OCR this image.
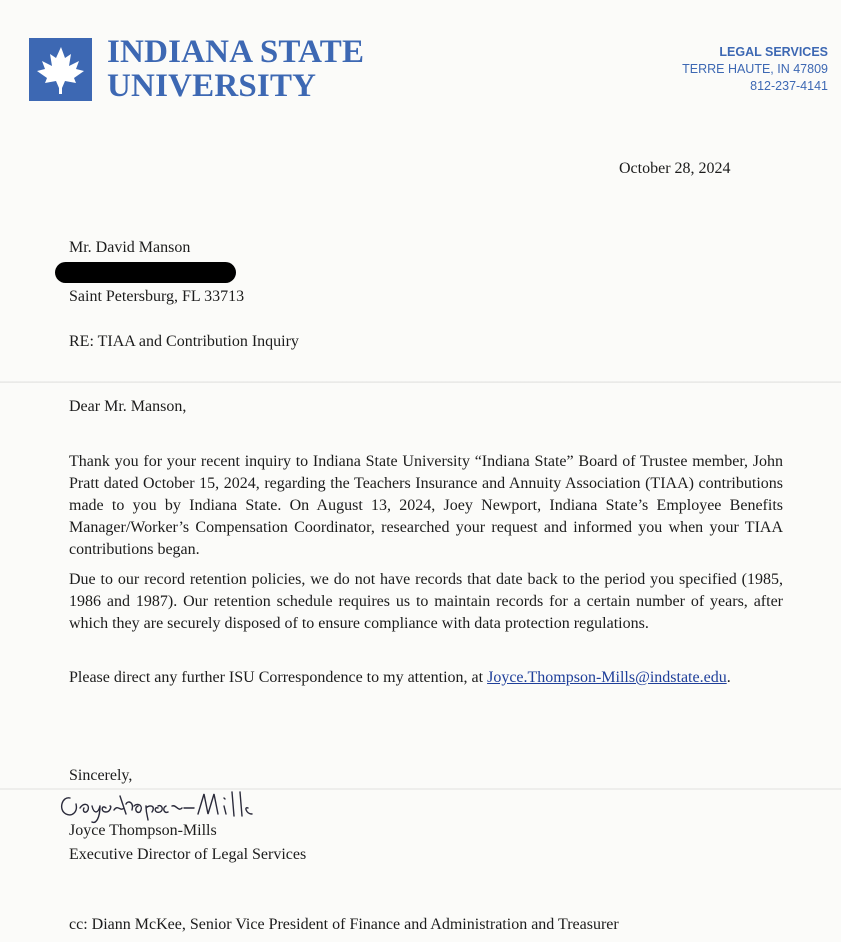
INDIANA STATE
UNIVERSITY
LEGAL SERVICES
TERRE HAUTE, IN 47809
812-237-4141
October 28, 2024
Mr. David Manson
Saint Petersburg, FL 33713
RE: TIAA and Contribution Inquiry
Dear Mr. Manson,
Thank you for your recent inquiry to Indiana State University “Indiana State” Board of Trustee member, John Pratt dated October 15, 2024, regarding the Teachers Insurance and Annuity Association (TIAA) contributions made to you by Indiana State. On August 13, 2024, Joey Newport, Indiana State’s Employee Benefits Manager/Worker’s Compensation Coordinator, researched your request and informed you when your TIAA contributions began.
Due to our record retention policies, we do not have records that date back to the period you specified (1985, 1986 and 1987). Our retention schedule requires us to maintain records for a certain number of years, after which they are securely disposed of to ensure compliance with data protection regulations.
Please direct any further ISU Correspondence to my attention, at Joyce.Thompson-Mills@indstate.edu.
Sincerely,
Joyce Thompson-Mills
Executive Director of Legal Services
cc: Diann McKee, Senior Vice President of Finance and Administration and Treasurer
